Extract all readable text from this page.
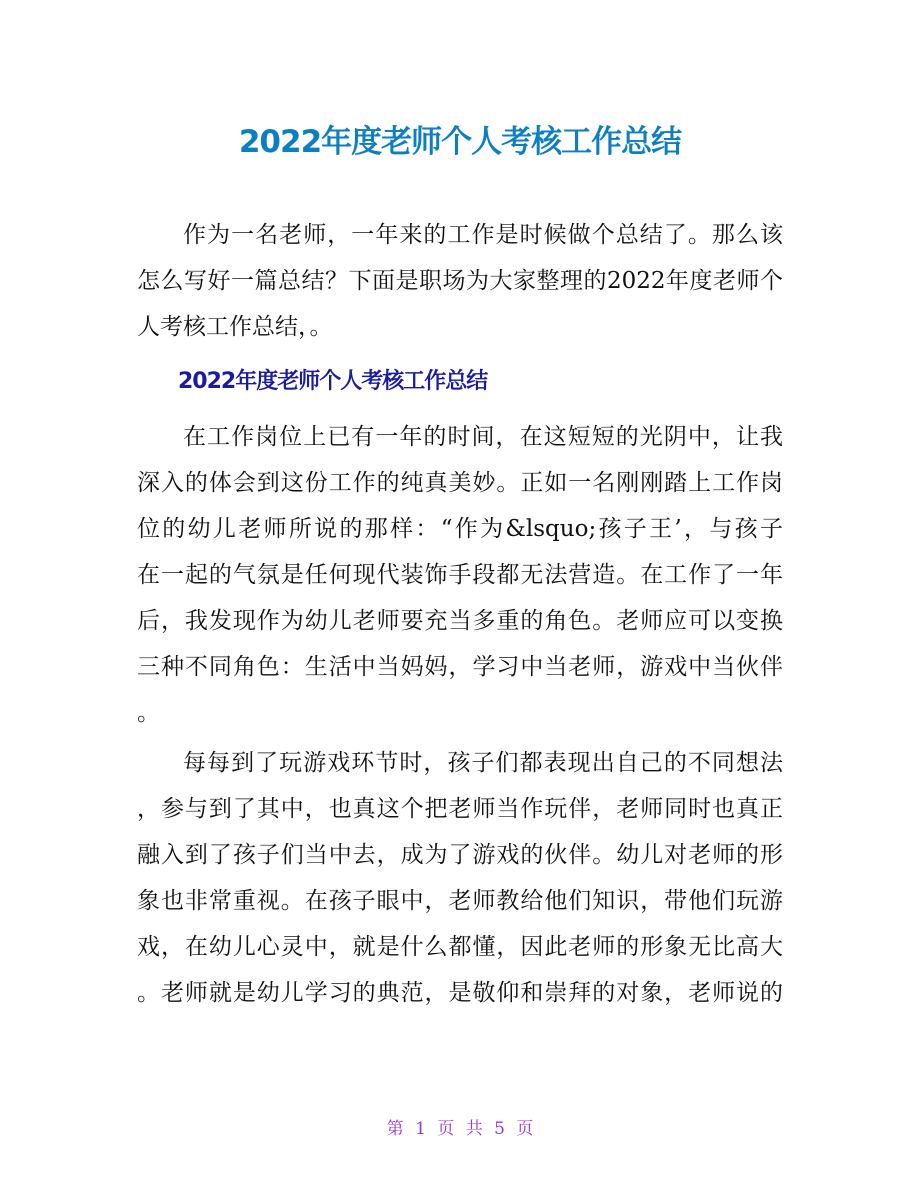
2022年度老师个人考核工作总结
作为一名老师，一年来的工作是时候做个总结了。那么该
怎么写好一篇总结？下面是职场为大家整理的2022年度老师个
人考核工作总结，。
2022年度老师个人考核工作总结
在工作岗位上已有一年的时间，在这短短的光阴中，让我
深入的体会到这份工作的纯真美妙。正如一名刚刚踏上工作岗
位的幼儿老师所说的那样：“作为&lsquo;孩子王’，与孩子
在一起的气氛是任何现代装饰手段都无法营造。在工作了一年
后，我发现作为幼儿老师要充当多重的角色。老师应可以变换
三种不同角色：生活中当妈妈，学习中当老师，游戏中当伙伴
。
每每到了玩游戏环节时，孩子们都表现出自己的不同想法
，参与到了其中，也真这个把老师当作玩伴，老师同时也真正
融入到了孩子们当中去，成为了游戏的伙伴。幼儿对老师的形
象也非常重视。在孩子眼中，老师教给他们知识，带他们玩游
戏，在幼儿心灵中，就是什么都懂，因此老师的形象无比高大
。老师就是幼儿学习的典范，是敬仰和崇拜的对象，老师说的
第 1 页 共 5 页
